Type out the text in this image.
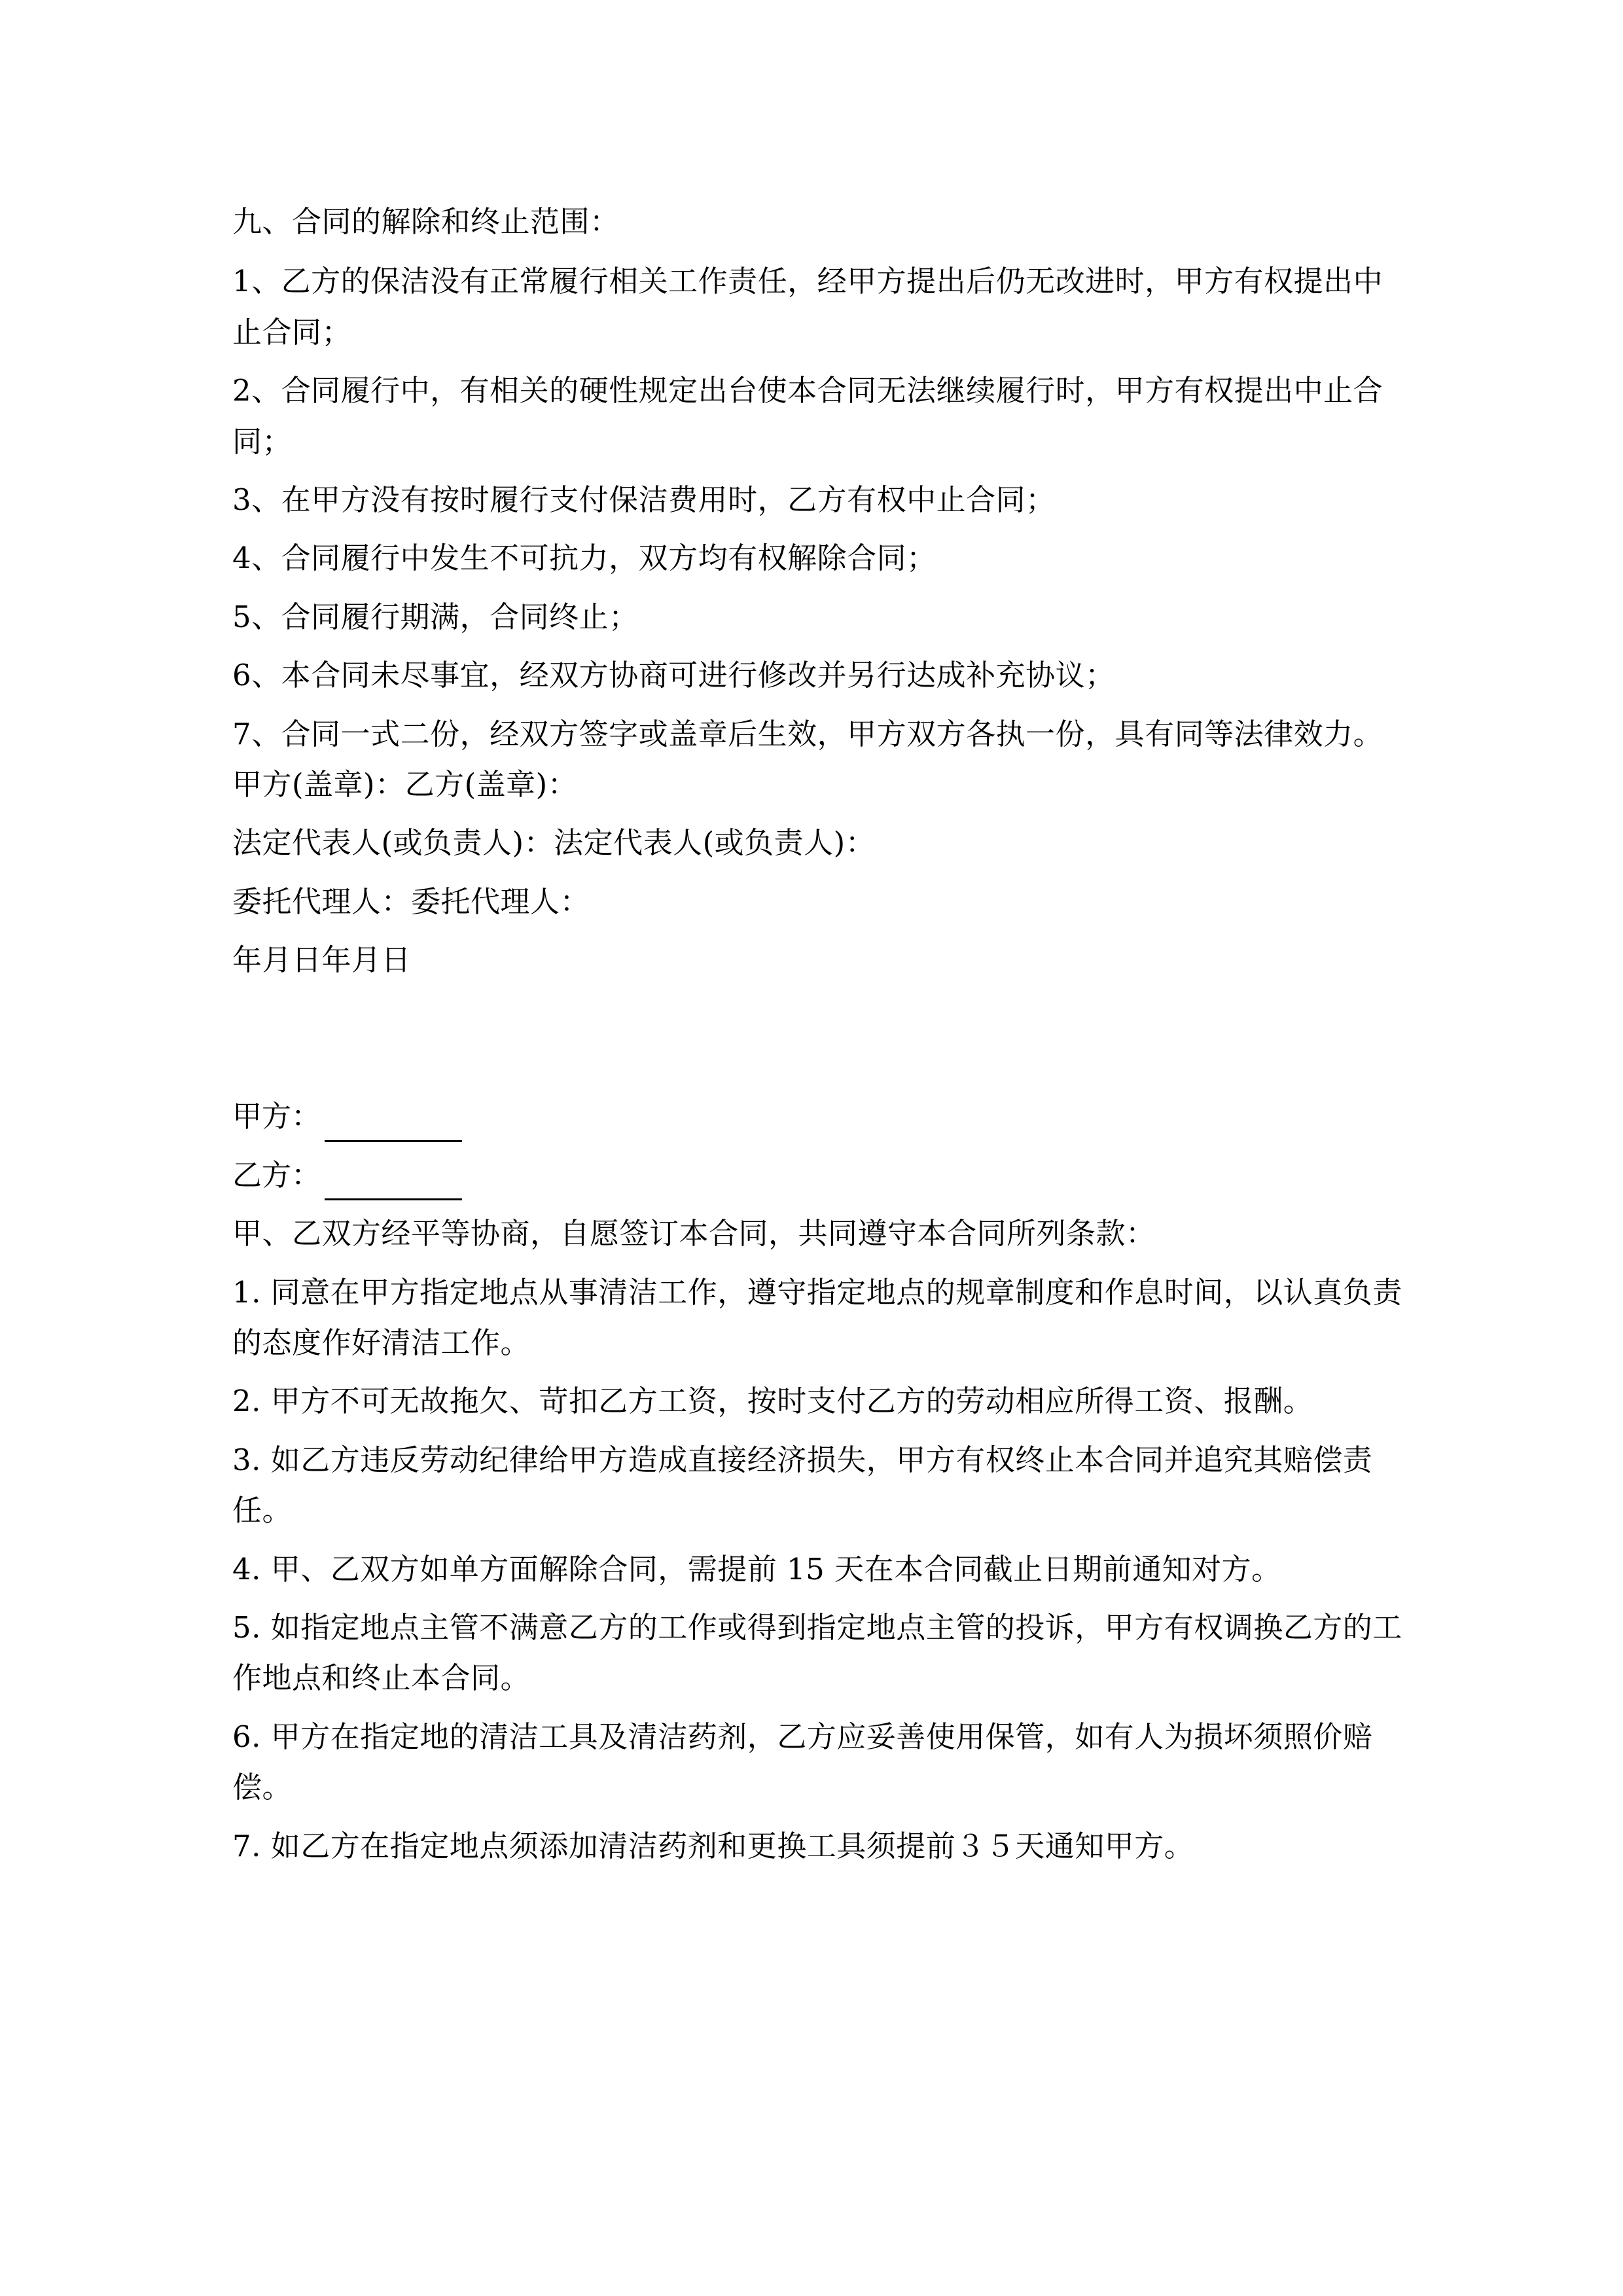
九、合同的解除和终止范围：

1、乙方的保洁没有正常履行相关工作责任，经甲方提出后仍无改进时，甲方有权提出中止合同；

2、合同履行中，有相关的硬性规定出台使本合同无法继续履行时，甲方有权提出中止合同；

3、在甲方没有按时履行支付保洁费用时，乙方有权中止合同；

4、合同履行中发生不可抗力，双方均有权解除合同；

5、合同履行期满，合同终止；

6、本合同未尽事宜，经双方协商可进行修改并另行达成补充协议；

7、合同一式二份，经双方签字或盖章后生效，甲方双方各执一份，具有同等法律效力。甲方(盖章)：乙方(盖章)：

法定代表人(或负责人)：法定代表人(或负责人)：

委托代理人：委托代理人：

年月日年月日

甲方：
乙方：

甲、乙双方经平等协商，自愿签订本合同，共同遵守本合同所列条款：

1. 同意在甲方指定地点从事清洁工作，遵守指定地点的规章制度和作息时间，以认真负责的态度作好清洁工作。

2. 甲方不可无故拖欠、苛扣乙方工资，按时支付乙方的劳动相应所得工资、报酬。

3. 如乙方违反劳动纪律给甲方造成直接经济损失，甲方有权终止本合同并追究其赔偿责任。

4. 甲、乙双方如单方面解除合同，需提前 15 天在本合同截止日期前通知对方。

5. 如指定地点主管不满意乙方的工作或得到指定地点主管的投诉，甲方有权调换乙方的工作地点和终止本合同。

6. 甲方在指定地的清洁工具及清洁药剂，乙方应妥善使用保管，如有人为损坏须照价赔偿。

7. 如乙方在指定地点须添加清洁药剂和更换工具须提前３５天通知甲方。
